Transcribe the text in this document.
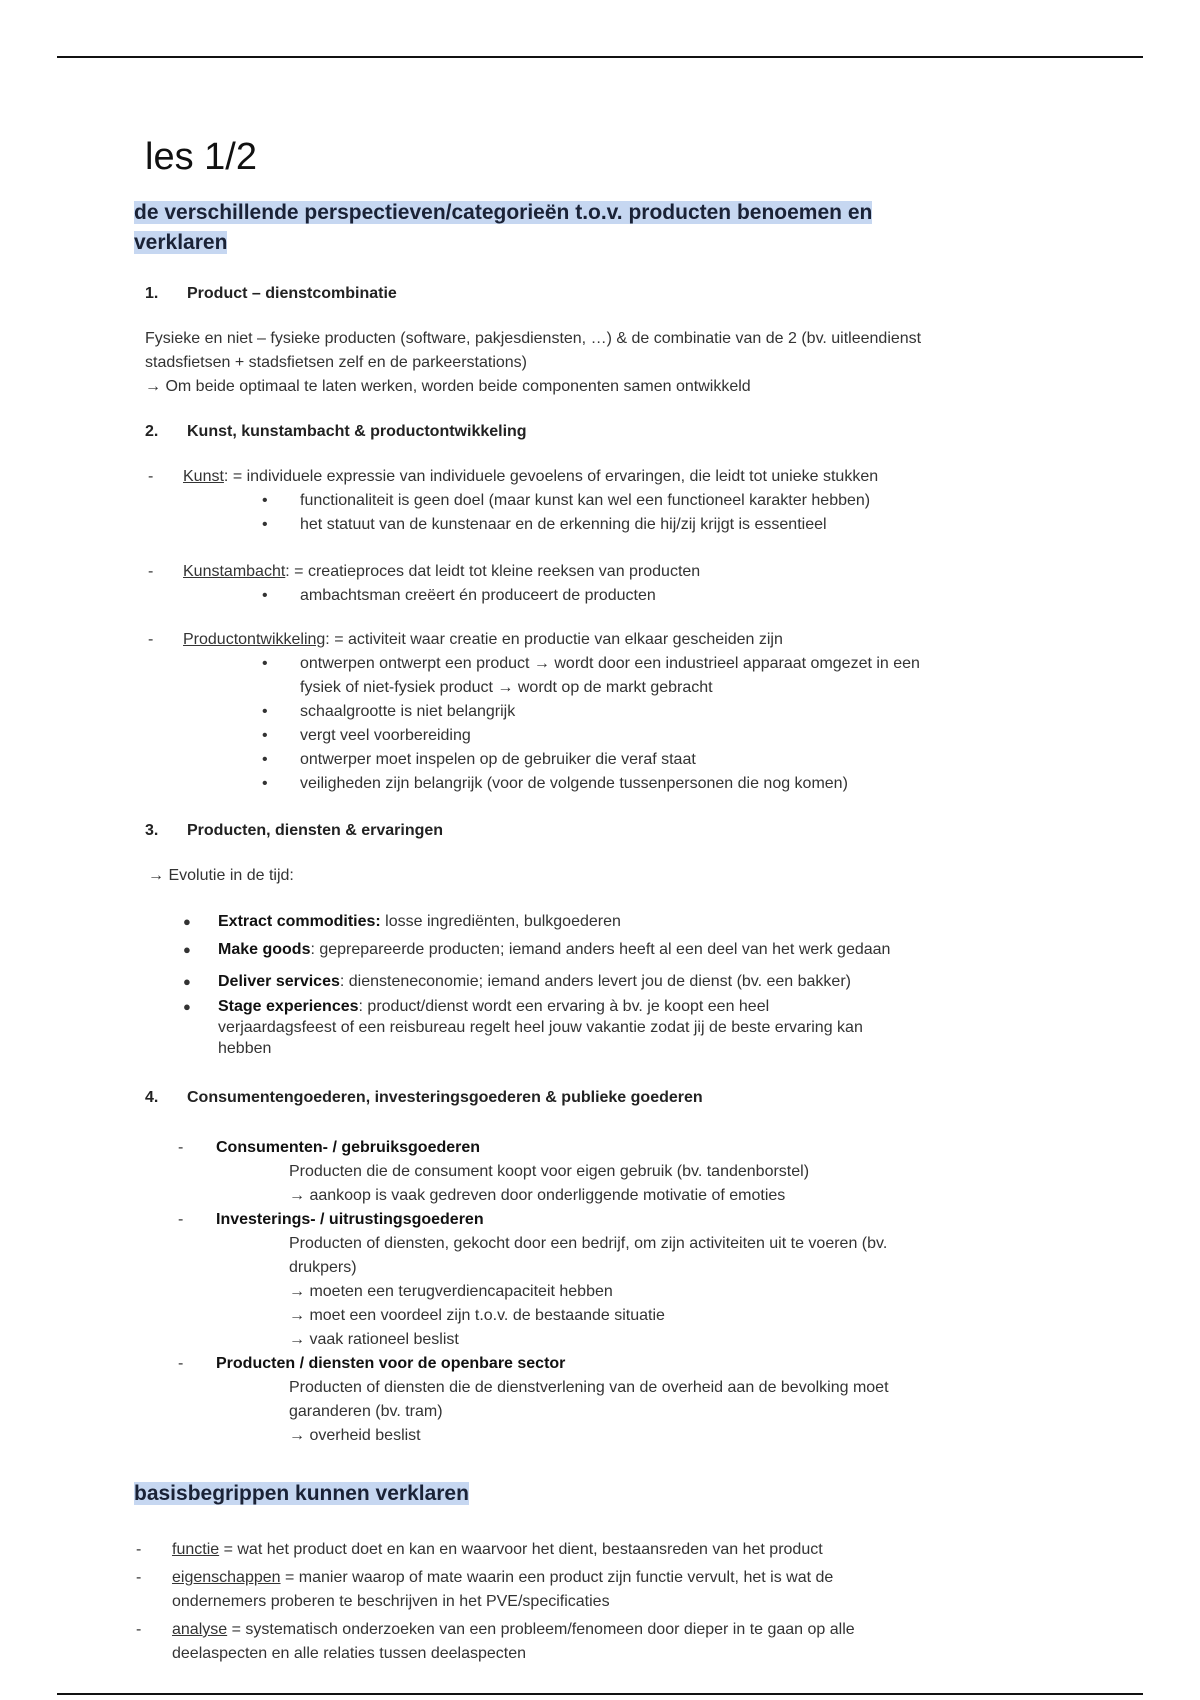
les 1/2
de verschillende perspectieven/categorieën t.o.v. producten benoemen en verklaren
1. Product – dienstcombinatie
Fysieke en niet – fysieke producten (software, pakjesdiensten, …) & de combinatie van de 2 (bv. uitleendienst
stadsfietsen + stadsfietsen zelf en de parkeerstations)
→ Om beide optimaal te laten werken, worden beide componenten samen ontwikkeld
2. Kunst, kunstambacht & productontwikkeling
- Kunst: = individuele expressie van individuele gevoelens of ervaringen, die leidt tot unieke stukken
• functionaliteit is geen doel (maar kunst kan wel een functioneel karakter hebben)
• het statuut van de kunstenaar en de erkenning die hij/zij krijgt is essentieel
- Kunstambacht: = creatieproces dat leidt tot kleine reeksen van producten
• ambachtsman creëert én produceert de producten
- Productontwikkeling: = activiteit waar creatie en productie van elkaar gescheiden zijn
• ontwerpen ontwerpt een product → wordt door een industrieel apparaat omgezet in een
fysiek of niet-fysiek product → wordt op de markt gebracht
• schaalgrootte is niet belangrijk
• vergt veel voorbereiding
• ontwerper moet inspelen op de gebruiker die veraf staat
• veiligheden zijn belangrijk (voor de volgende tussenpersonen die nog komen)
3. Producten, diensten & ervaringen
→ Evolutie in de tijd:
● Extract commodities: losse ingrediënten, bulkgoederen
● Make goods: geprepareerde producten; iemand anders heeft al een deel van het werk gedaan
● Deliver services: diensteneconomie; iemand anders levert jou de dienst (bv. een bakker)
● Stage experiences: product/dienst wordt een ervaring à bv. je koopt een heel
verjaardagsfeest of een reisbureau regelt heel jouw vakantie zodat jij de beste ervaring kan
hebben
4. Consumentengoederen, investeringsgoederen & publieke goederen
- Consumenten- / gebruiksgoederen
Producten die de consument koopt voor eigen gebruik (bv. tandenborstel)
→ aankoop is vaak gedreven door onderliggende motivatie of emoties
- Investerings- / uitrustingsgoederen
Producten of diensten, gekocht door een bedrijf, om zijn activiteiten uit te voeren (bv.
drukpers)
→ moeten een terugverdiencapaciteit hebben
→ moet een voordeel zijn t.o.v. de bestaande situatie
→ vaak rationeel beslist
- Producten / diensten voor de openbare sector
Producten of diensten die de dienstverlening van de overheid aan de bevolking moet
garanderen (bv. tram)
→ overheid beslist
basisbegrippen kunnen verklaren
- functie = wat het product doet en kan en waarvoor het dient, bestaansreden van het product
- eigenschappen = manier waarop of mate waarin een product zijn functie vervult, het is wat de
ondernemers proberen te beschrijven in het PVE/specificaties
- analyse = systematisch onderzoeken van een probleem/fenomeen door dieper in te gaan op alle
deelaspecten en alle relaties tussen deelaspecten
